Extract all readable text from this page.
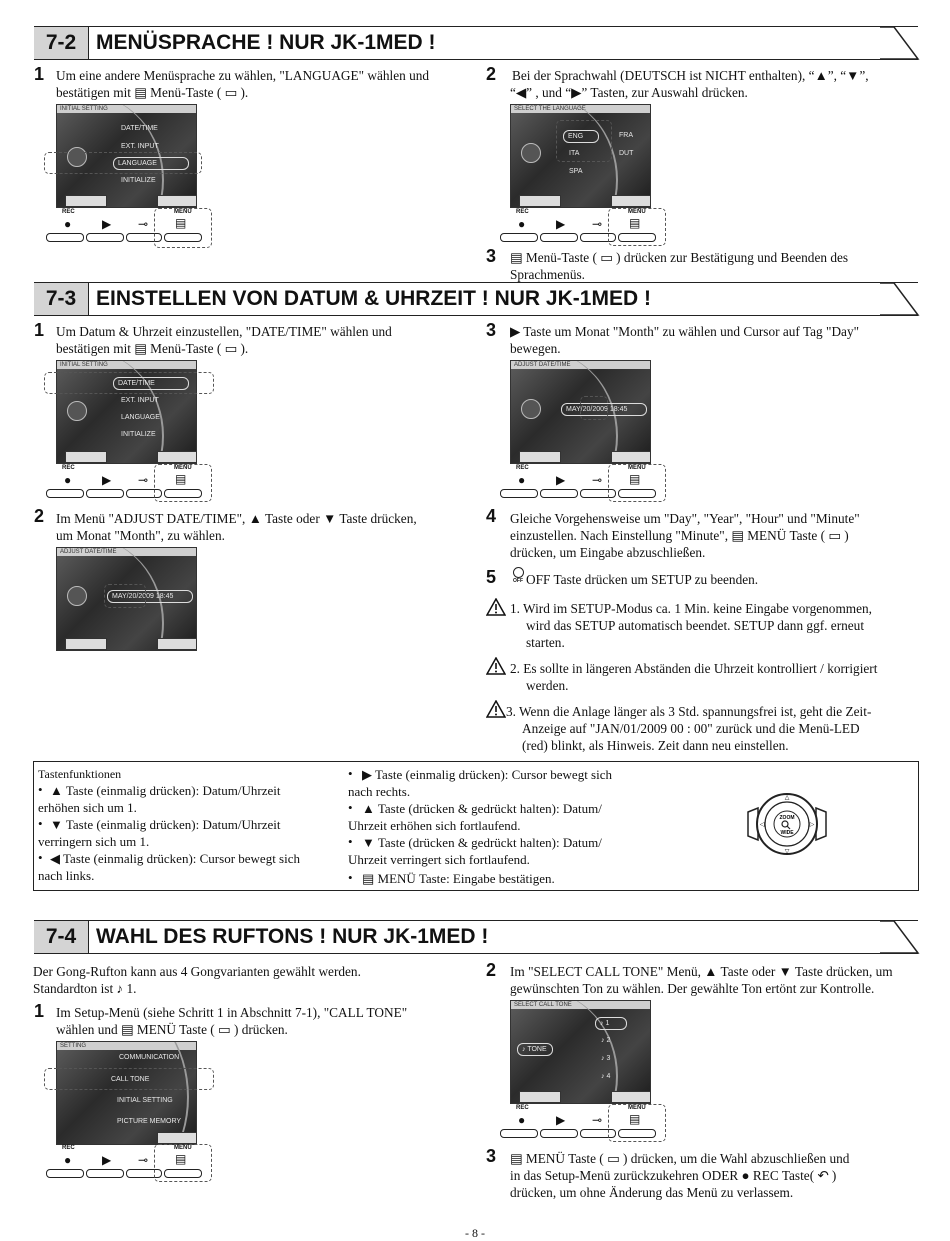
7-2 MENÜSPRACHE ! NUR JK-1MED !
1 Um eine andere Menüsprache zu wählen, "LANGUAGE" wählen und
bestätigen mit ▤ Menü-Taste ( ▭ ).
INITIAL SETTING
DATE/TIME
EXT. INPUT
LANGUAGE
INITIALIZE
REC
●	▶ ⊸
MENU
▤
2 Bei der Sprachwahl (DEUTSCH ist NICHT enthalten), “▲”, “▼”,
“◀” , und “▶” Tasten, zur Auswahl drücken.
SELECT THE LANGUAGE
ENG	FRA
ITA	DUT
SPA
REC
●	▶ ⊸
MENU
▤
3 ▤ Menü-Taste ( ▭ ) drücken zur Bestätigung und Beenden des
Sprachmenüs.
7-3 EINSTELLEN VON DATUM & UHRZEIT ! NUR JK-1MED !
1 Um Datum & Uhrzeit einzustellen, "DATE/TIME" wählen und
bestätigen mit ▤ Menü-Taste ( ▭ ).
INITIAL SETTING
DATE/TIME
EXT. INPUT
LANGUAGE
INITIALIZE
REC
●	▶ ⊸
MENU
▤
2 Im Menü "ADJUST DATE/TIME", ▲ Taste oder ▼ Taste drücken,
um Monat "Month", zu wählen.
ADJUST DATE/TIME
MAY/20/2009 18:45
3 ▶ Taste um Monat "Month" zu wählen und Cursor auf Tag "Day"
bewegen.
ADJUST DATE/TIME
MAY/20/2009 18:45
REC
●	▶ ⊸
MENU
▤
4 Gleiche Vorgehensweise um "Day", "Year", "Hour" und "Minute"
einzustellen. Nach Einstellung "Minute", ▤ MENÜ Taste ( ▭ )
drücken, um Eingabe abzuschließen.
5	OFF OFF Taste drücken um SETUP zu beenden.
1. Wird im SETUP-Modus ca. 1 Min. keine Eingabe vorgenommen,
wird das SETUP automatisch beendet. SETUP dann ggf. erneut
starten.
2. Es sollte in längeren Abständen die Uhrzeit kontrolliert / korrigiert
werden.
3. Wenn die Anlage länger als 3 Std. spannungsfrei ist, geht die Zeit-
Anzeige auf "JAN/01/2009 00 : 00" zurück und die Menü-LED
(red) blinkt, als Hinweis. Zeit dann neu einstellen.
Tastenfunktionen
• ▲ Taste (einmalig drücken): Datum/Uhrzeit
erhöhen sich um 1.
• ▼ Taste (einmalig drücken): Datum/Uhrzeit
verringern sich um 1.
• ◀ Taste (einmalig drücken): Cursor bewegt sich
nach links.
• ▶ Taste (einmalig drücken): Cursor bewegt sich
nach rechts.
• ▲ Taste (drücken & gedrückt halten): Datum/
Uhrzeit erhöhen sich fortlaufend.
• ▼ Taste (drücken & gedrückt halten): Datum/
Uhrzeit verringert sich fortlaufend.
• ▤ MENÜ Taste: Eingabe bestätigen.
△
▽
◁	▷
ZOOM
WIDE
7-4 WAHL DES RUFTONS ! NUR JK-1MED !
Der Gong-Rufton kann aus 4 Gongvarianten gewählt werden.
Standardton ist ♪ 1.
1 Im Setup-Menü (siehe Schritt 1 in Abschnitt 7-1), "CALL TONE"
wählen und ▤ MENÜ Taste ( ▭ ) drücken.
SETTING
COMMUNICATION
CALL TONE
INITIAL SETTING
PICTURE MEMORY
REC
●	▶ ⊸
MENU
▤
2 Im "SELECT CALL TONE" Menü, ▲ Taste oder ▼ Taste drücken, um
gewünschten Ton zu wählen. Der gewählte Ton ertönt zur Kontrolle.
SELECT CALL TONE
♪ TONE
♪ 1
♪ 2
♪ 3
♪ 4
REC
●	▶ ⊸
MENU
▤
3 ▤ MENÜ Taste ( ▭ ) drücken, um die Wahl abzuschließen und
in das Setup-Menü zurückzukehren ODER ● REC Taste( ↶ )
drücken, um ohne Änderung das Menü zu verlassem.
- 8 -
